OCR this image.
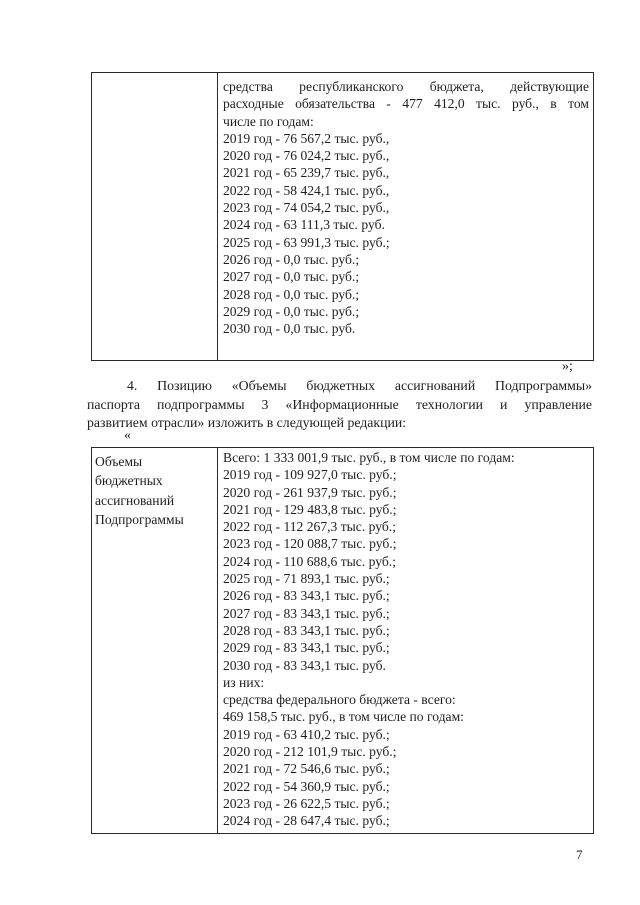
средства республиканского бюджета, действующие
расходные обязательства - 477 412,0 тыс. руб., в том
числе по годам:
2019 год - 76 567,2 тыс. руб.,
2020 год - 76 024,2 тыс. руб.,
2021 год - 65 239,7 тыс. руб.,
2022 год - 58 424,1 тыс. руб.,
2023 год - 74 054,2 тыс. руб.,
2024 год - 63 111,3 тыс. руб.
2025 год - 63 991,3 тыс. руб.;
2026 год - 0,0 тыс. руб.;
2027 год - 0,0 тыс. руб.;
2028 год - 0,0 тыс. руб.;
2029 год - 0,0 тыс. руб.;
2030 год - 0,0 тыс. руб.
»;
4. Позицию «Объемы бюджетных ассигнований Подпрограммы»
паспорта подпрограммы 3 «Информационные технологии и управление
развитием отрасли» изложить в следующей редакции:
«
Объемы
бюджетных
ассигнований
Подпрограммы
Всего: 1 333 001,9 тыс. руб., в том числе по годам:
2019 год - 109 927,0 тыс. руб.;
2020 год - 261 937,9 тыс. руб.;
2021 год - 129 483,8 тыс. руб.;
2022 год - 112 267,3 тыс. руб.;
2023 год - 120 088,7 тыс. руб.;
2024 год - 110 688,6 тыс. руб.;
2025 год - 71 893,1 тыс. руб.;
2026 год - 83 343,1 тыс. руб.;
2027 год - 83 343,1 тыс. руб.;
2028 год - 83 343,1 тыс. руб.;
2029 год - 83 343,1 тыс. руб.;
2030 год - 83 343,1 тыс. руб.
из них:
средства федерального бюджета - всего:
469 158,5 тыс. руб., в том числе по годам:
2019 год - 63 410,2 тыс. руб.;
2020 год - 212 101,9 тыс. руб.;
2021 год - 72 546,6 тыс. руб.;
2022 год - 54 360,9 тыс. руб.;
2023 год - 26 622,5 тыс. руб.;
2024 год - 28 647,4 тыс. руб.;
7
